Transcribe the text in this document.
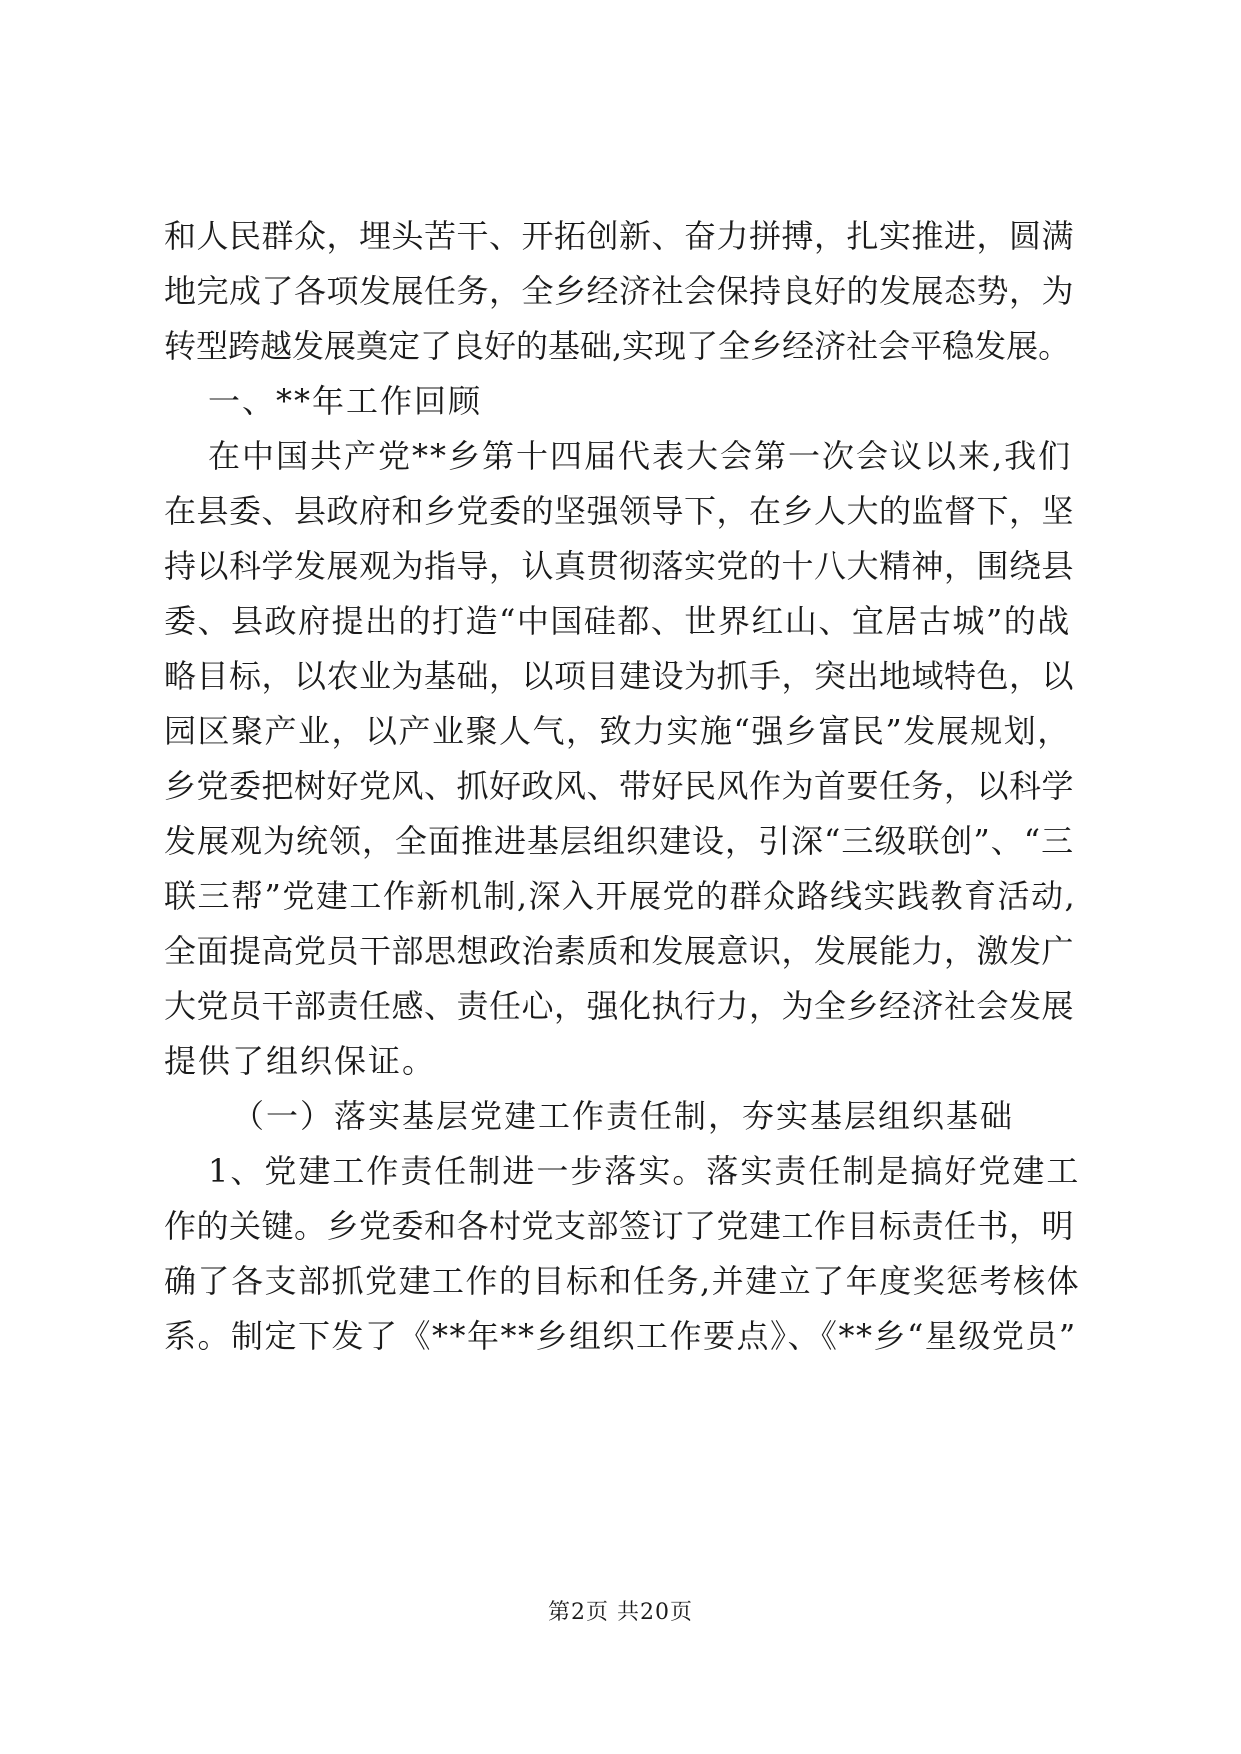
和人民群众，埋头苦干、开拓创新、奋力拼搏，扎实推进，圆满
地完成了各项发展任务，全乡经济社会保持良好的发展态势，为
转型跨越发展奠定了良好的基础,实现了全乡经济社会平稳发展。
一、**年工作回顾
在中国共产党**乡第十四届代表大会第一次会议以来,我们
在县委、县政府和乡党委的坚强领导下，在乡人大的监督下，坚
持以科学发展观为指导，认真贯彻落实党的十八大精神，围绕县
委、县政府提出的打造“中国硅都、世界红山、宜居古城”的战
略目标，以农业为基础，以项目建设为抓手，突出地域特色，以
园区聚产业，以产业聚人气，致力实施“强乡富民”发展规划，
乡党委把树好党风、抓好政风、带好民风作为首要任务，以科学
发展观为统领，全面推进基层组织建设，引深“三级联创”、“三
联三帮”党建工作新机制,深入开展党的群众路线实践教育活动,
全面提高党员干部思想政治素质和发展意识，发展能力，激发广
大党员干部责任感、责任心，强化执行力，为全乡经济社会发展
提供了组织保证。
（一）落实基层党建工作责任制，夯实基层组织基础
1、党建工作责任制进一步落实。落实责任制是搞好党建工
作的关键。乡党委和各村党支部签订了党建工作目标责任书，明
确了各支部抓党建工作的目标和任务,并建立了年度奖惩考核体
系。制定下发了《**年**乡组织工作要点》、《**乡“星级党员”
第2页 共20页
